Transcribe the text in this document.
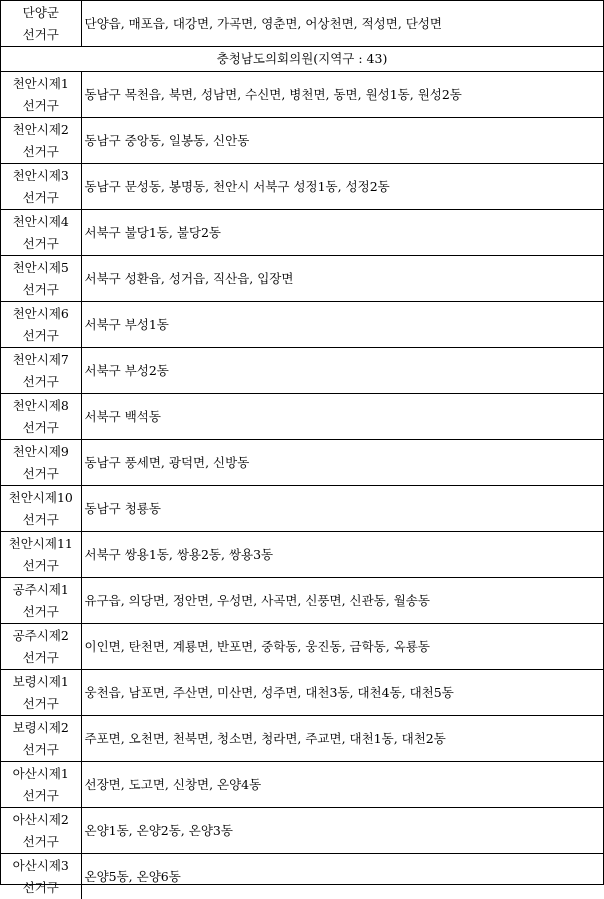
단양군
선거구	단양읍, 매포읍, 대강면, 가곡면, 영춘면, 어상천면, 적성면, 단성면
충청남도의회의원(지역구 : 43)	

천안시제1
선거구	동남구 목천읍, 북면, 성남면, 수신면, 병천면, 동면, 원성1동, 원성2동

천안시제2
선거구	동남구 중앙동, 일봉동, 신안동

천안시제3
선거구	동남구 문성동, 봉명동, 천안시 서북구 성정1동, 성정2동

천안시제4
선거구	서북구 불당1동, 불당2동

천안시제5
선거구	서북구 성환읍, 성거읍, 직산읍, 입장면

천안시제6
선거구	서북구 부성1동

천안시제7
선거구	서북구 부성2동

천안시제8
선거구	서북구 백석동

천안시제9
선거구	동남구 풍세면, 광덕면, 신방동

천안시제10
선거구	동남구 청룡동

천안시제11
선거구	서북구 쌍용1동, 쌍용2동, 쌍용3동

공주시제1
선거구	유구읍, 의당면, 정안면, 우성면, 사곡면, 신풍면, 신관동, 월송동

공주시제2
선거구	이인면, 탄천면, 계룡면, 반포면, 중학동, 웅진동, 금학동, 옥룡동

보령시제1
선거구	웅천읍, 남포면, 주산면, 미산면, 성주면, 대천3동, 대천4동, 대천5동

보령시제2
선거구	주포면, 오천면, 천북면, 청소면, 청라면, 주교면, 대천1동, 대천2동

아산시제1
선거구	선장면, 도고면, 신창면, 온양4동

아산시제2
선거구	온양1동, 온양2동, 온양3동

아산시제3
선거구	온양5동, 온양6동
